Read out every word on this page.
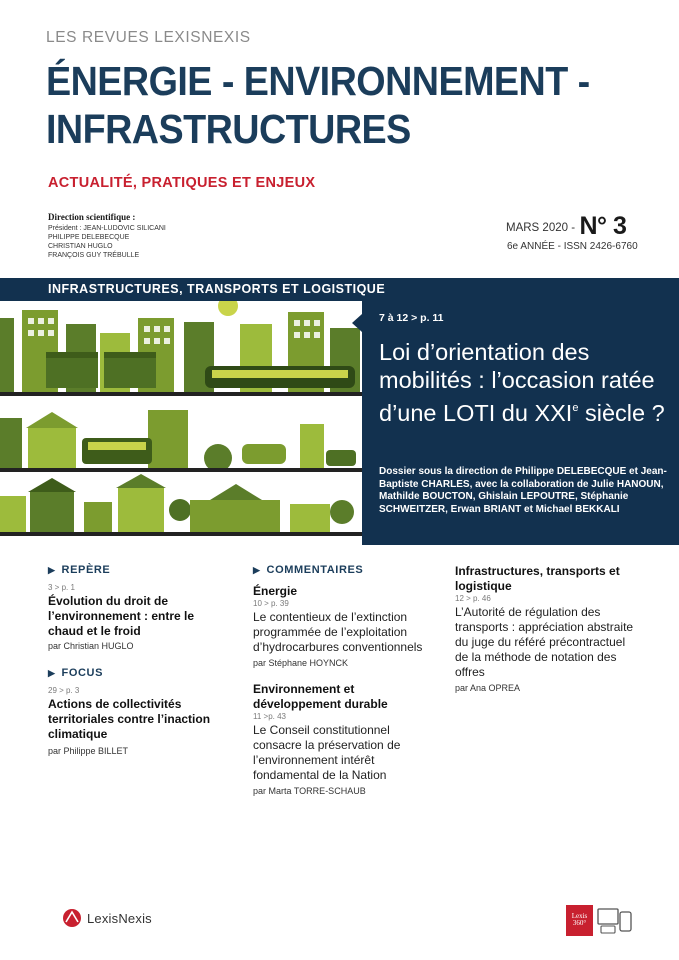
LES REVUES LEXISNEXIS
ÉNERGIE - ENVIRONNEMENT -
INFRASTRUCTURES
ACTUALITÉ, PRATIQUES ET ENJEUX
Direction scientifique :
Président : JEAN-LUDOVIC SILICANI
PHILIPPE DELEBECQUE
CHRISTIAN HUGLO
FRANÇOIS GUY TRÉBULLE
MARS 2020 - N° 3
6e ANNÉE - ISSN 2426-6760
INFRASTRUCTURES, TRANSPORTS ET LOGISTIQUE
7 à 12 > p. 11
Loi d’orientation des mobilités : l’occasion ratée d’une LOTI du XXIe siècle ?
Dossier sous la direction de Philippe DELEBECQUE et Jean-Baptiste CHARLES, avec la collaboration de Julie HANOUN, Mathilde BOUCTON, Ghislain LEPOUTRE, Stéphanie SCHWEITZER, Erwan BRIANT et Michael BEKKALI
▶ REPÈRE
3 > p. 1
Évolution du droit de l’environnement : entre le chaud et le froid
par Christian HUGLO
▶ FOCUS
29 > p. 3
Actions de collectivités territoriales contre l’inaction climatique
par Philippe BILLET
▶ COMMENTAIRES
Énergie
10 > p. 39
Le contentieux de l’extinction programmée de l’exploitation d’hydrocarbures conventionnels
par Stéphane HOYNCK
Environnement et développement durable
11 >p. 43
Le Conseil constitutionnel consacre la préservation de l’environnement intérêt fondamental de la Nation
par Marta TORRE-SCHAUB
Infrastructures, transports et logistique
12 > p. 46
L’Autorité de régulation des transports : appréciation abstraite du juge du référé précontractuel de la méthode de notation des offres
par Ana OPREA
LexisNexis	Lexis
360°
